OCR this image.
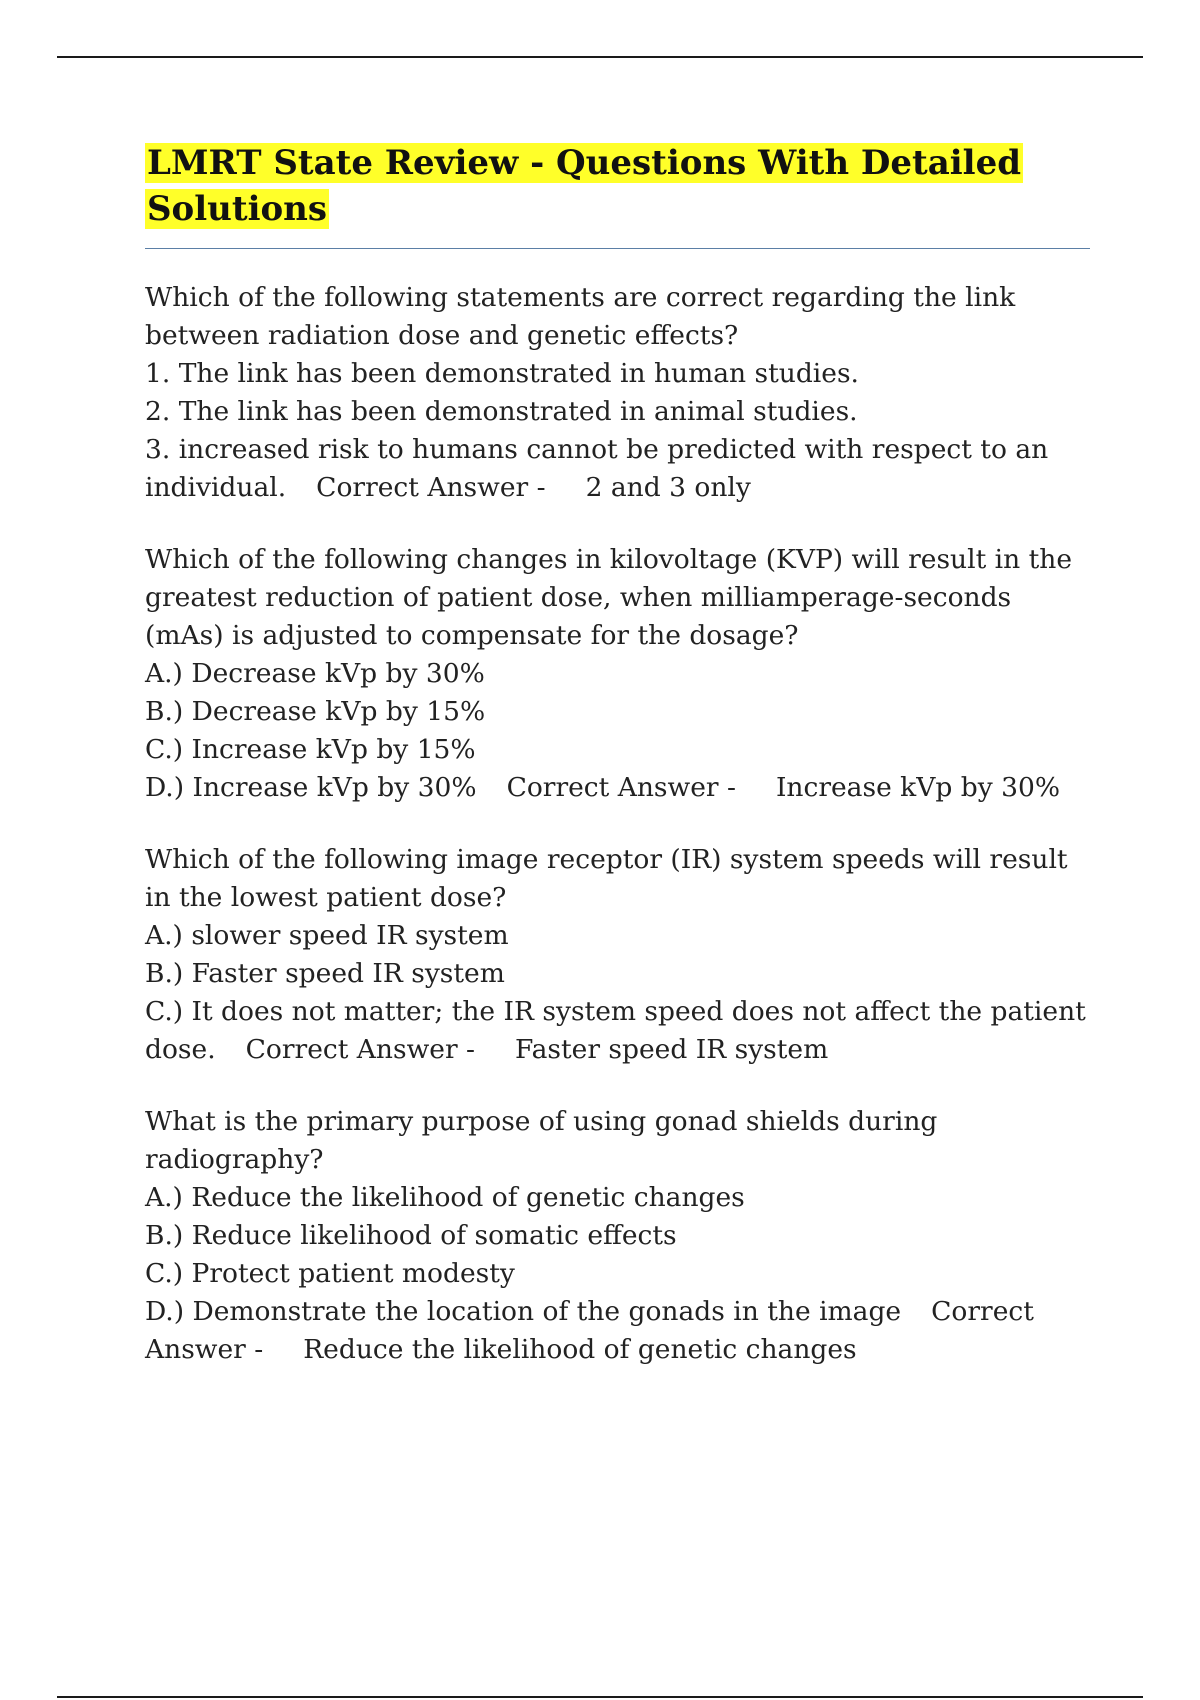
LMRT State Review - Questions With Detailed Solutions

Which of the following statements are correct regarding the link between radiation dose and genetic effects?
1. The link has been demonstrated in human studies.
2. The link has been demonstrated in animal studies.
3. increased risk to humans cannot be predicted with respect to an individual. Correct Answer - 2 and 3 only

Which of the following changes in kilovoltage (KVP) will result in the greatest reduction of patient dose, when milliamperage-seconds (mAs) is adjusted to compensate for the dosage?
A.) Decrease kVp by 30%
B.) Decrease kVp by 15%
C.) Increase kVp by 15%
D.) Increase kVp by 30% Correct Answer - Increase kVp by 30%

Which of the following image receptor (IR) system speeds will result in the lowest patient dose?
A.) slower speed IR system
B.) Faster speed IR system
C.) It does not matter; the IR system speed does not affect the patient dose. Correct Answer - Faster speed IR system

What is the primary purpose of using gonad shields during radiography?
A.) Reduce the likelihood of genetic changes
B.) Reduce likelihood of somatic effects
C.) Protect patient modesty
D.) Demonstrate the location of the gonads in the image Correct Answer - Reduce the likelihood of genetic changes
